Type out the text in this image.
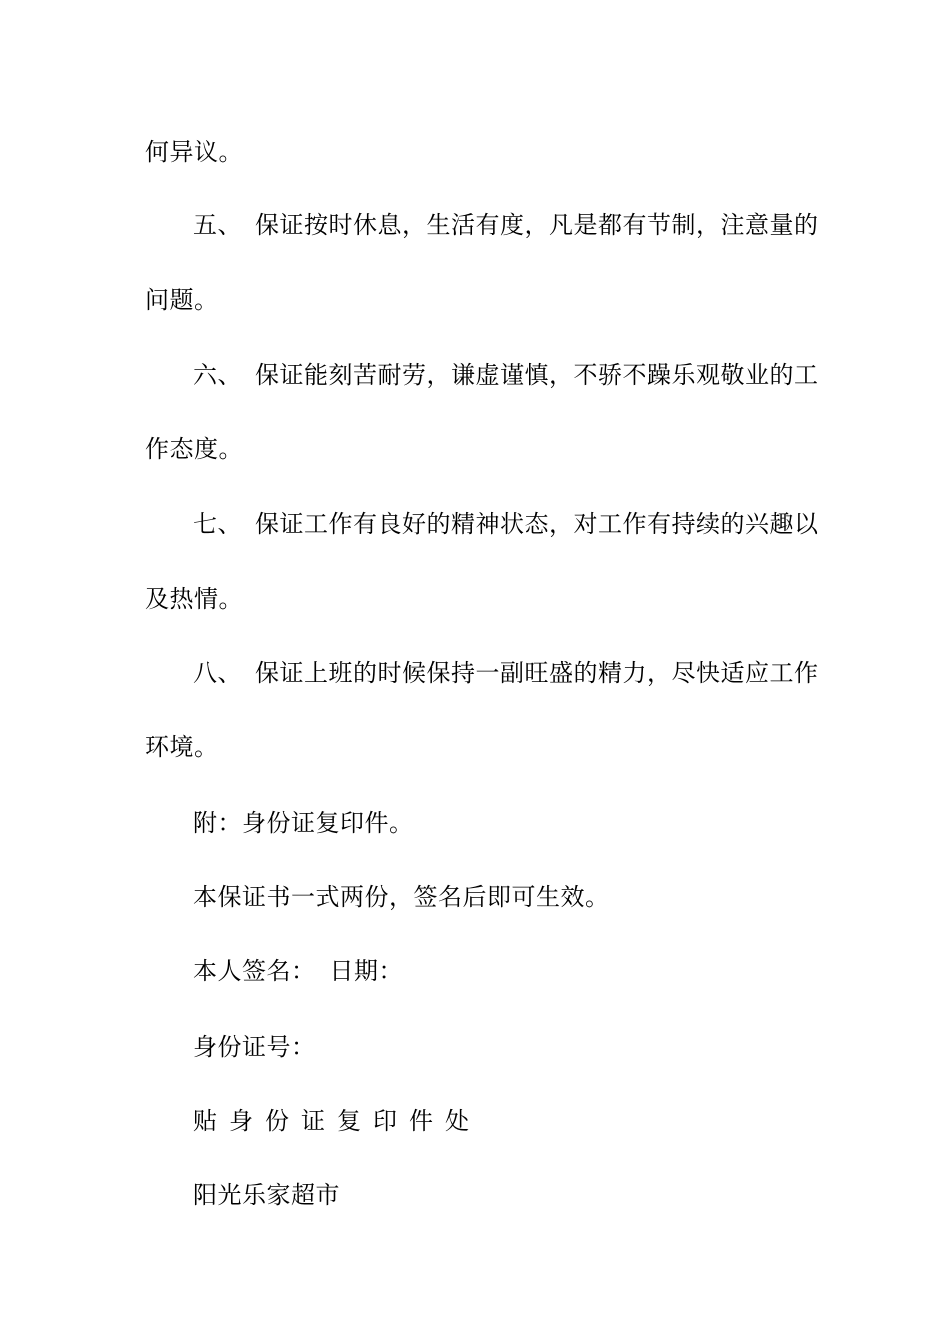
何异议。
五、 保证按时休息，生活有度，凡是都有节制，注意量的
问题。
六、 保证能刻苦耐劳，谦虚谨慎，不骄不躁乐观敬业的工
作态度。
七、 保证工作有良好的精神状态，对工作有持续的兴趣以
及热情。
八、 保证上班的时候保持一副旺盛的精力，尽快适应工作
环境。
附：身份证复印件。
本保证书一式两份，签名后即可生效。
本人签名： 日期：
身份证号：
贴身份证复印件处
阳光乐家超市
